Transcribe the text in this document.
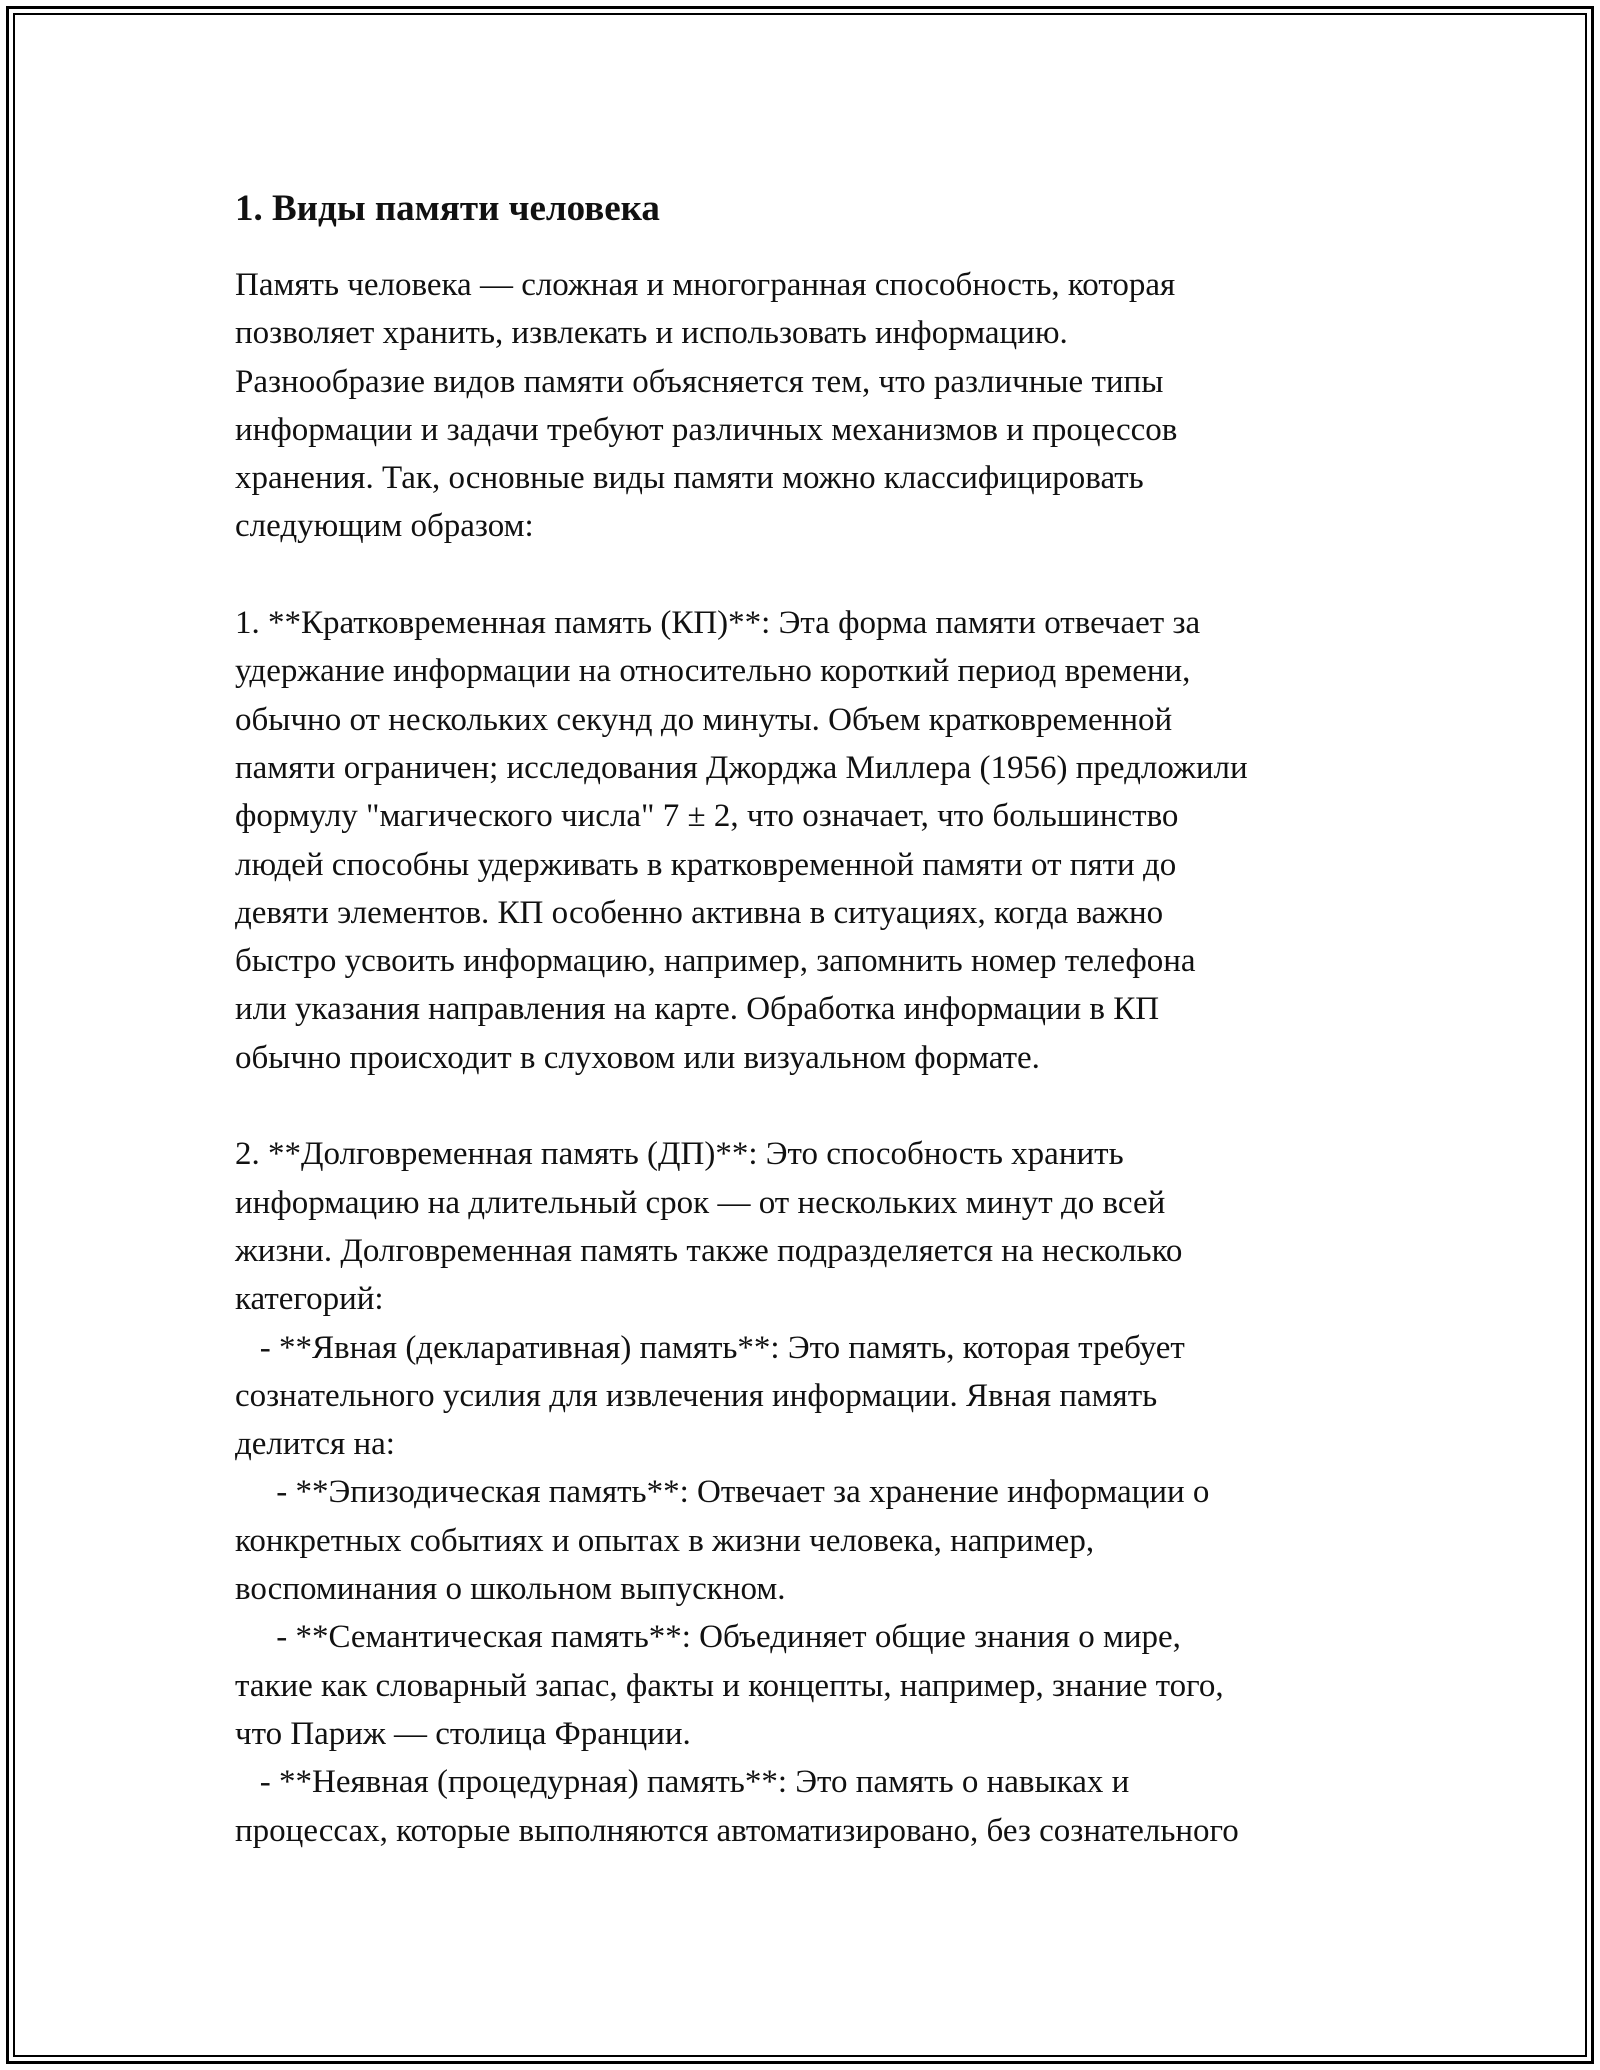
1. Виды памяти человека

Память человека — сложная и многогранная способность, которая

позволяет хранить, извлекать и использовать информацию.

Разнообразие видов памяти объясняется тем, что различные типы

информации и задачи требуют различных механизмов и процессов

хранения. Так, основные виды памяти можно классифицировать

следующим образом:

1. **Кратковременная память (КП)**: Эта форма памяти отвечает за

удержание информации на относительно короткий период времени,

обычно от нескольких секунд до минуты. Объем кратковременной

памяти ограничен; исследования Джорджа Миллера (1956) предложили

формулу "магического числа" 7 ± 2, что означает, что большинство

людей способны удерживать в кратковременной памяти от пяти до

девяти элементов. КП особенно активна в ситуациях, когда важно

быстро усвоить информацию, например, запомнить номер телефона

или указания направления на карте. Обработка информации в КП

обычно происходит в слуховом или визуальном формате.

2. **Долговременная память (ДП)**: Это способность хранить

информацию на длительный срок — от нескольких минут до всей

жизни. Долговременная память также подразделяется на несколько

категорий:

- **Явная (декларативная) память**: Это память, которая требует

сознательного усилия для извлечения информации. Явная память

делится на:

- **Эпизодическая память**: Отвечает за хранение информации о

конкретных событиях и опытах в жизни человека, например,

воспоминания о школьном выпускном.

- **Семантическая память**: Объединяет общие знания о мире,

такие как словарный запас, факты и концепты, например, знание того,

что Париж — столица Франции.

- **Неявная (процедурная) память**: Это память о навыках и

процессах, которые выполняются автоматизировано, без сознательного
